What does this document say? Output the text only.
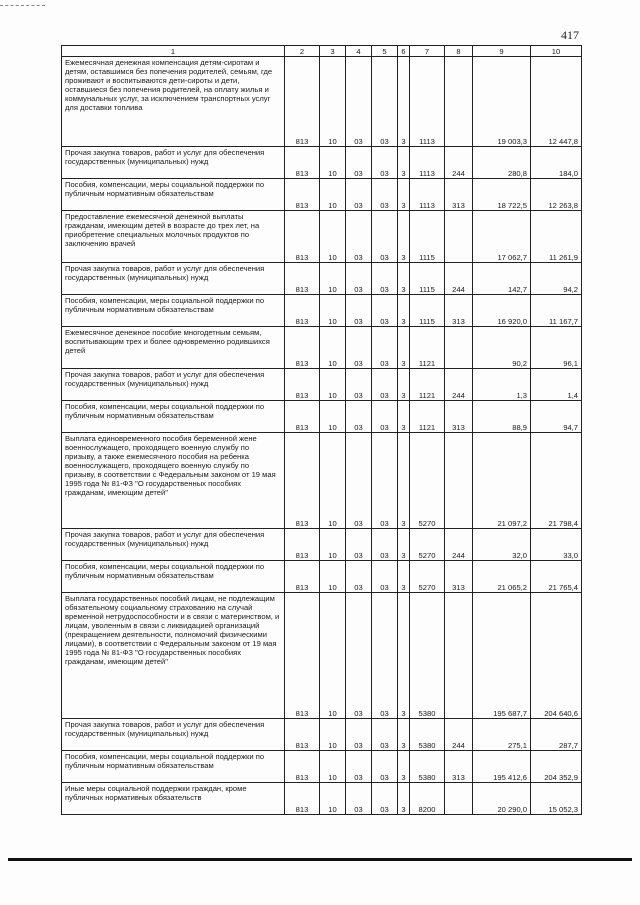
417
1	2	3	4	5	6	7	8	9	10
Ежемесячная денежная компенсация детям-сиротам и детям, оставшимся без попечения родителей, семьям, где проживают и воспитываются дети-сироты и дети, оставшиеся без попечения родителей, на оплату жилья и коммунальных услуг, за исключением транспортных услуг для доставки топлива	813	10	03	03	3	1113		19 003,3	12 447,8
Прочая закупка товаров, работ и услуг для обеспечения государственных (муниципальных) нужд	813	10	03	03	3	1113	244	280,8	184,0
Пособия, компенсации, меры социальной поддержки по публичным нормативным обязательствам	813	10	03	03	3	1113	313	18 722,5	12 263,8
Предоставление ежемесячной денежной выплаты гражданам, имеющим детей в возрасте до трех лет, на приобретение специальных молочных продуктов по заключению врачей	813	10	03	03	3	1115		17 062,7	11 261,9
Прочая закупка товаров, работ и услуг для обеспечения государственных (муниципальных) нужд	813	10	03	03	3	1115	244	142,7	94,2
Пособия, компенсации, меры социальной поддержки по публичным нормативным обязательствам	813	10	03	03	3	1115	313	16 920,0	11 167,7
Ежемесячное денежное пособие многодетным семьям, воспитывающим трех и более одновременно родившихся детей	813	10	03	03	3	1121		90,2	96,1
Прочая закупка товаров, работ и услуг для обеспечения государственных (муниципальных) нужд	813	10	03	03	3	1121	244	1,3	1,4
Пособия, компенсации, меры социальной поддержки по публичным нормативным обязательствам	813	10	03	03	3	1121	313	88,9	94,7
Выплата единовременного пособия беременной жене военнослужащего, проходящего военную службу по призыву, а также ежемесячного пособия на ребенка военнослужащего, проходящего военную службу по призыву, в соответствии с Федеральным законом от 19 мая 1995 года № 81-ФЗ "О государственных пособиях гражданам, имеющим детей"	813	10	03	03	3	5270		21 097,2	21 798,4
Прочая закупка товаров, работ и услуг для обеспечения государственных (муниципальных) нужд	813	10	03	03	3	5270	244	32,0	33,0
Пособия, компенсации, меры социальной поддержки по публичным нормативным обязательствам	813	10	03	03	3	5270	313	21 065,2	21 765,4
Выплата государственных пособий лицам, не подлежащим обязательному социальному страхованию на случай временной нетрудоспособности и в связи с материнством, и лицам, уволенным в связи с ликвидацией организаций (прекращением деятельности, полномочий физическими лицами), в соответствии с Федеральным законом от 19 мая 1995 года № 81-ФЗ "О государственных пособиях гражданам, имеющим детей"	813	10	03	03	3	5380		195 687,7	204 640,6
Прочая закупка товаров, работ и услуг для обеспечения государственных (муниципальных) нужд	813	10	03	03	3	5380	244	275,1	287,7
Пособия, компенсации, меры социальной поддержки по публичным нормативным обязательствам	813	10	03	03	3	5380	313	195 412,6	204 352,9
Иные меры социальной поддержки граждан, кроме публичных нормативных обязательств	813	10	03	03	3	8200		20 290,0	15 052,3
